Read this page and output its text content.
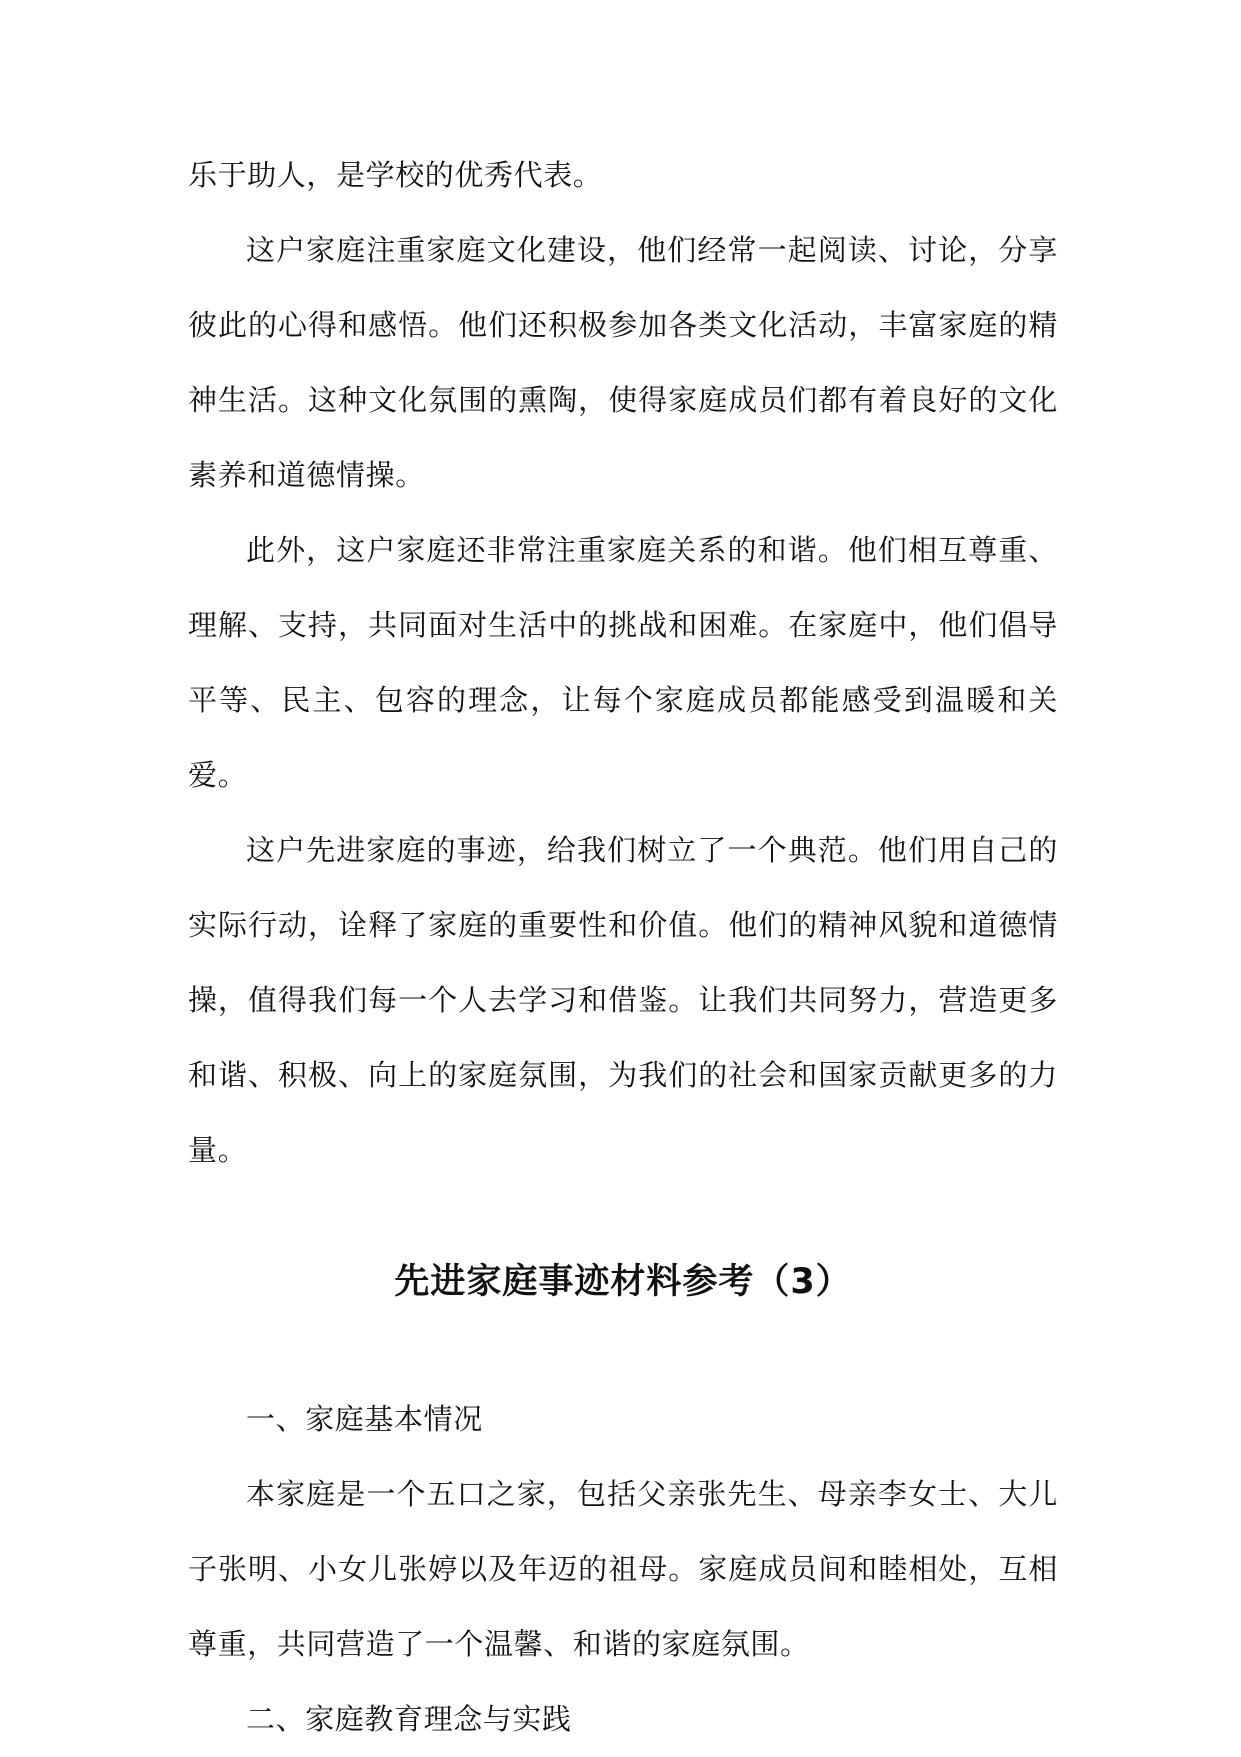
乐于助人，是学校的优秀代表。

这户家庭注重家庭文化建设，他们经常一起阅读、讨论，分享彼此的心得和感悟。他们还积极参加各类文化活动，丰富家庭的精神生活。这种文化氛围的熏陶，使得家庭成员们都有着良好的文化素养和道德情操。

此外，这户家庭还非常注重家庭关系的和谐。他们相互尊重、理解、支持，共同面对生活中的挑战和困难。在家庭中，他们倡导平等、民主、包容的理念，让每个家庭成员都能感受到温暖和关爱。

这户先进家庭的事迹，给我们树立了一个典范。他们用自己的实际行动，诠释了家庭的重要性和价值。他们的精神风貌和道德情操，值得我们每一个人去学习和借鉴。让我们共同努力，营造更多和谐、积极、向上的家庭氛围，为我们的社会和国家贡献更多的力量。

先进家庭事迹材料参考（3）

一、家庭基本情况

本家庭是一个五口之家，包括父亲张先生、母亲李女士、大儿子张明、小女儿张婷以及年迈的祖母。家庭成员间和睦相处，互相尊重，共同营造了一个温馨、和谐的家庭氛围。

二、家庭教育理念与实践
